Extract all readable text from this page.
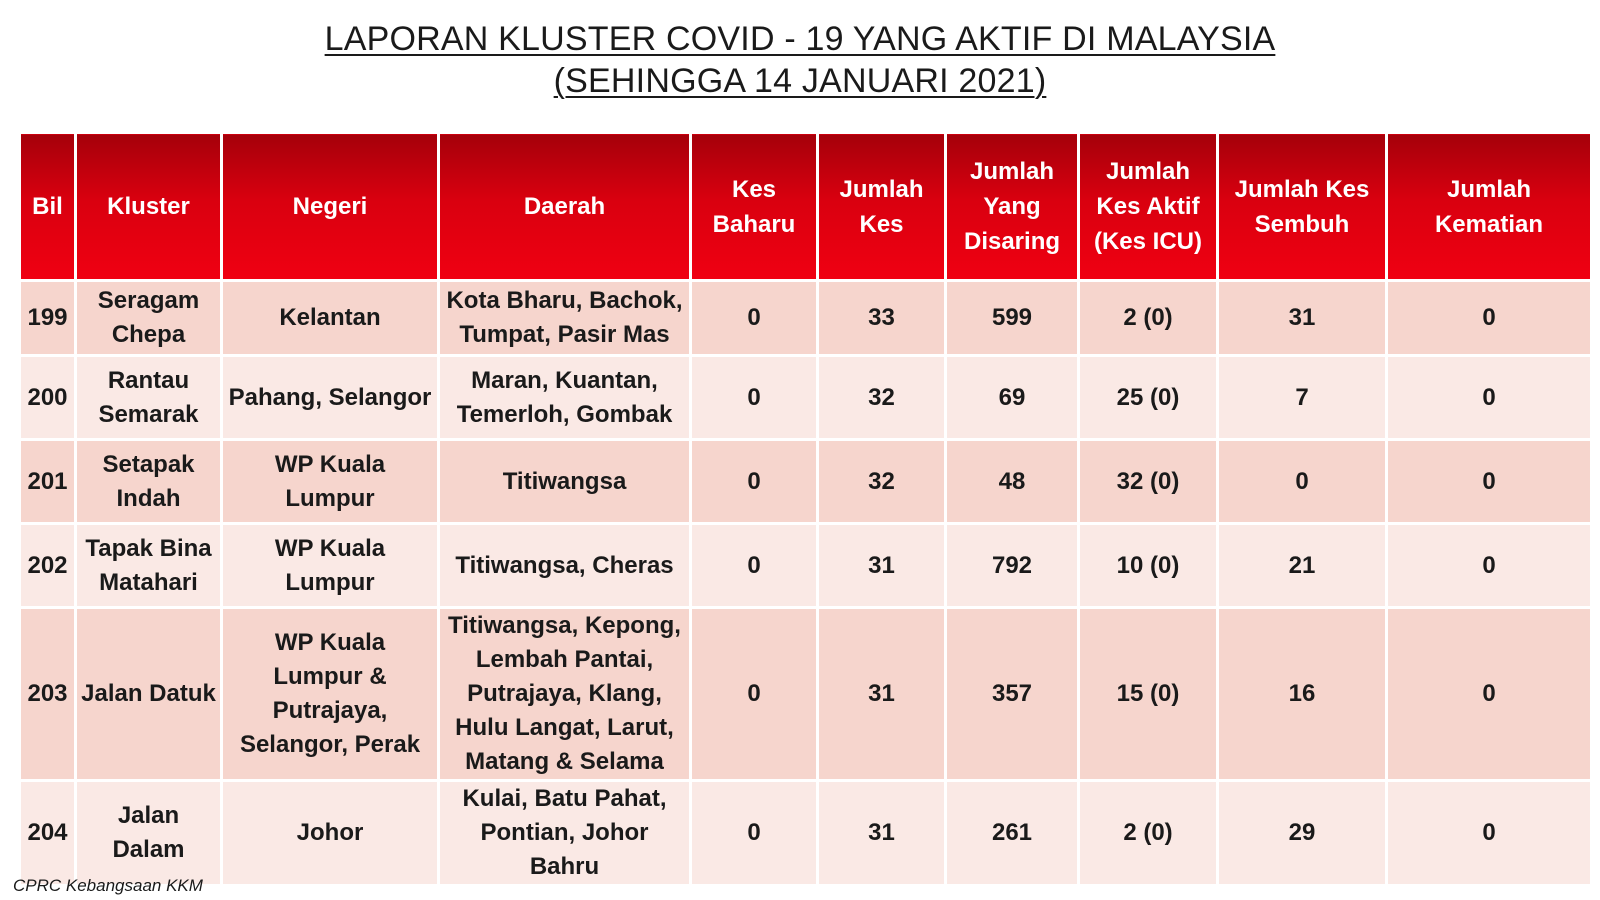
LAPORAN KLUSTER COVID - 19 YANG AKTIF DI MALAYSIA
(SEHINGGA 14 JANUARI 2021)
Bil	Kluster	Negeri	Daerah	Kes Baharu	Jumlah Kes	Jumlah Yang Disaring	Jumlah Kes Aktif (Kes ICU)	Jumlah Kes Sembuh	Jumlah Kematian
199	Seragam Chepa	Kelantan	Kota Bharu, Bachok, Tumpat, Pasir Mas	0	33	599	2 (0)	31	0
200	Rantau Semarak	Pahang, Selangor	Maran, Kuantan, Temerloh, Gombak	0	32	69	25 (0)	7	0
201	Setapak Indah	WP Kuala Lumpur	Titiwangsa	0	32	48	32 (0)	0	0
202	Tapak Bina Matahari	WP Kuala Lumpur	Titiwangsa, Cheras	0	31	792	10 (0)	21	0
203	Jalan Datuk	WP Kuala Lumpur & Putrajaya, Selangor, Perak	Titiwangsa, Kepong, Lembah Pantai, Putrajaya, Klang, Hulu Langat, Larut, Matang & Selama	0	31	357	15 (0)	16	0
204	Jalan Dalam	Johor	Kulai, Batu Pahat, Pontian, Johor Bahru	0	31	261	2 (0)	29	0
CPRC Kebangsaan KKM
